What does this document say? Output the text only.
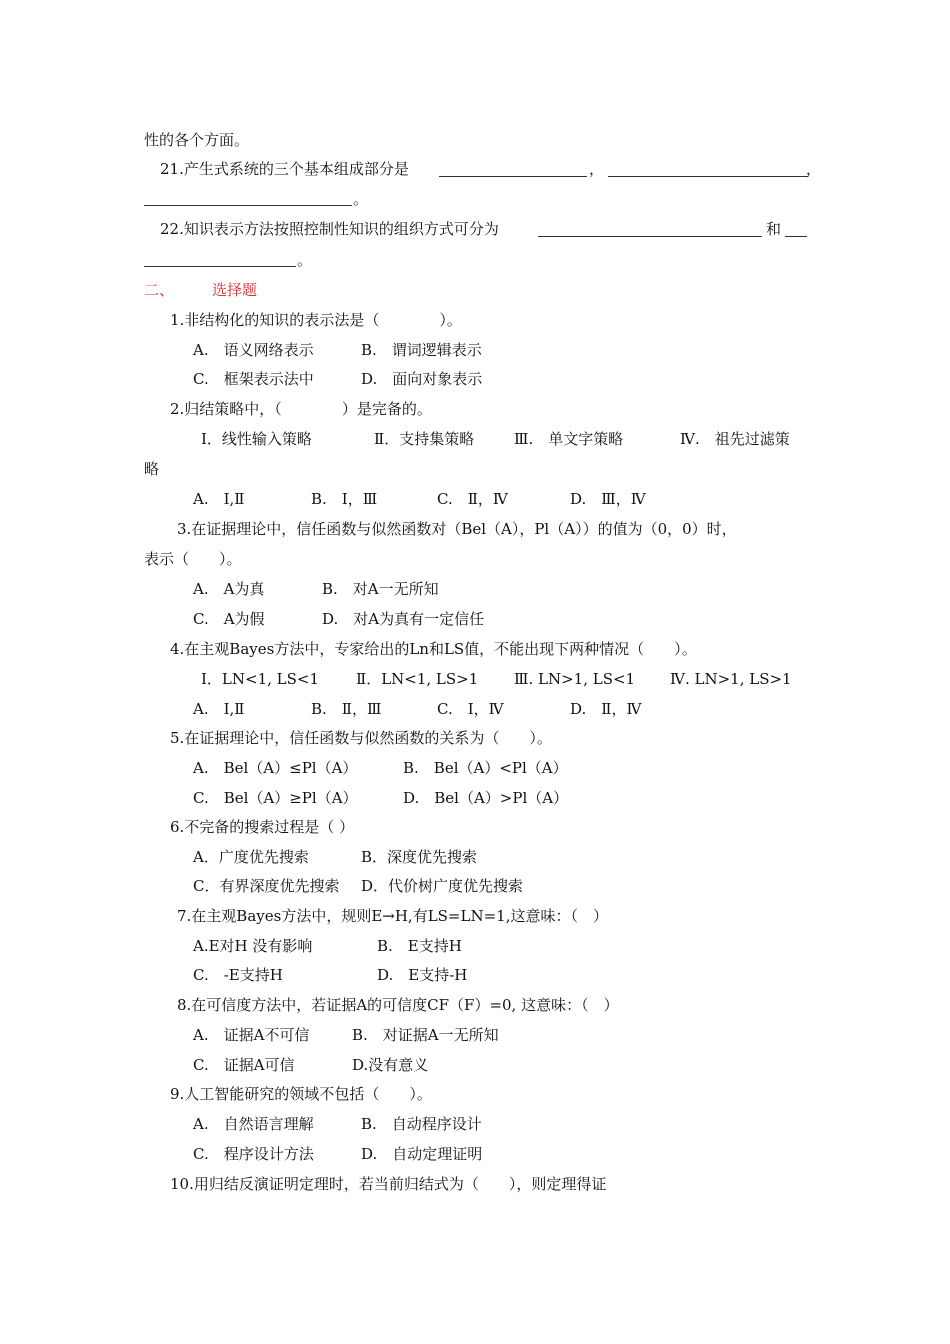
性的各个方面。
21.产生式系统的三个基本组成部分是	，	，
。
22.知识表示方法按照控制性知识的组织方式可分为	和
。
二、	选择题
1.非结构化的知识的表示法是（　　　　）。
A.　语义网络表示	B.　谓词逻辑表示
C.　框架表示法中	D.　面向对象表示
2.归结策略中，（　　　　）是完备的。
Ⅰ．线性输入策略	Ⅱ．支持集策略	Ⅲ.　单文字策略	Ⅳ.　祖先过滤策
略
A.　Ⅰ,Ⅱ	B.　Ⅰ，Ⅲ	C.　Ⅱ，Ⅳ	D.　Ⅲ，Ⅳ
3.在证据理论中，信任函数与似然函数对（Bel（A），Pl（A））的值为（0，0）时，
表示（　　）。
A.　A为真	B.　对A一无所知
C.　A为假	D.　对A为真有一定信任
4.在主观Bayes方法中，专家给出的Ln和LS值，不能出现下两种情况（　　）。
Ⅰ．LN<1, LS<1 Ⅱ．LN<1, LS>1 Ⅲ. LN>1, LS<1 Ⅳ. LN>1, LS>1
A.　Ⅰ,Ⅱ	B.　Ⅱ，Ⅲ	C.　Ⅰ，Ⅳ	D.　Ⅱ，Ⅳ
5.在证据理论中，信任函数与似然函数的关系为（　　）。
A.　Bel（A）≤Pl（A）	B.　Bel（A）<Pl（A）
C.　Bel（A）≥Pl（A）	D.　Bel（A）>Pl（A）
6.不完备的搜索过程是（ ）
A．广度优先搜索	B．深度优先搜索
C．有界深度优先搜索 D．代价树广度优先搜索
7.在主观Bayes方法中，规则E→H,有LS=LN=1,这意味：（　）
A.E对H 没有影响	B.　E支持H
C.　-E支持H	D.　E支持-H
8.在可信度方法中，若证据A的可信度CF（F）=0, 这意味：（　）
A.　证据A不可信	B.　对证据A一无所知
C.　证据A可信	D.没有意义
9.人工智能研究的领域不包括（　　）。
A.　自然语言理解	B.　自动程序设计
C.　程序设计方法	D.　自动定理证明
10.用归结反演证明定理时，若当前归结式为（　　），则定理得证
